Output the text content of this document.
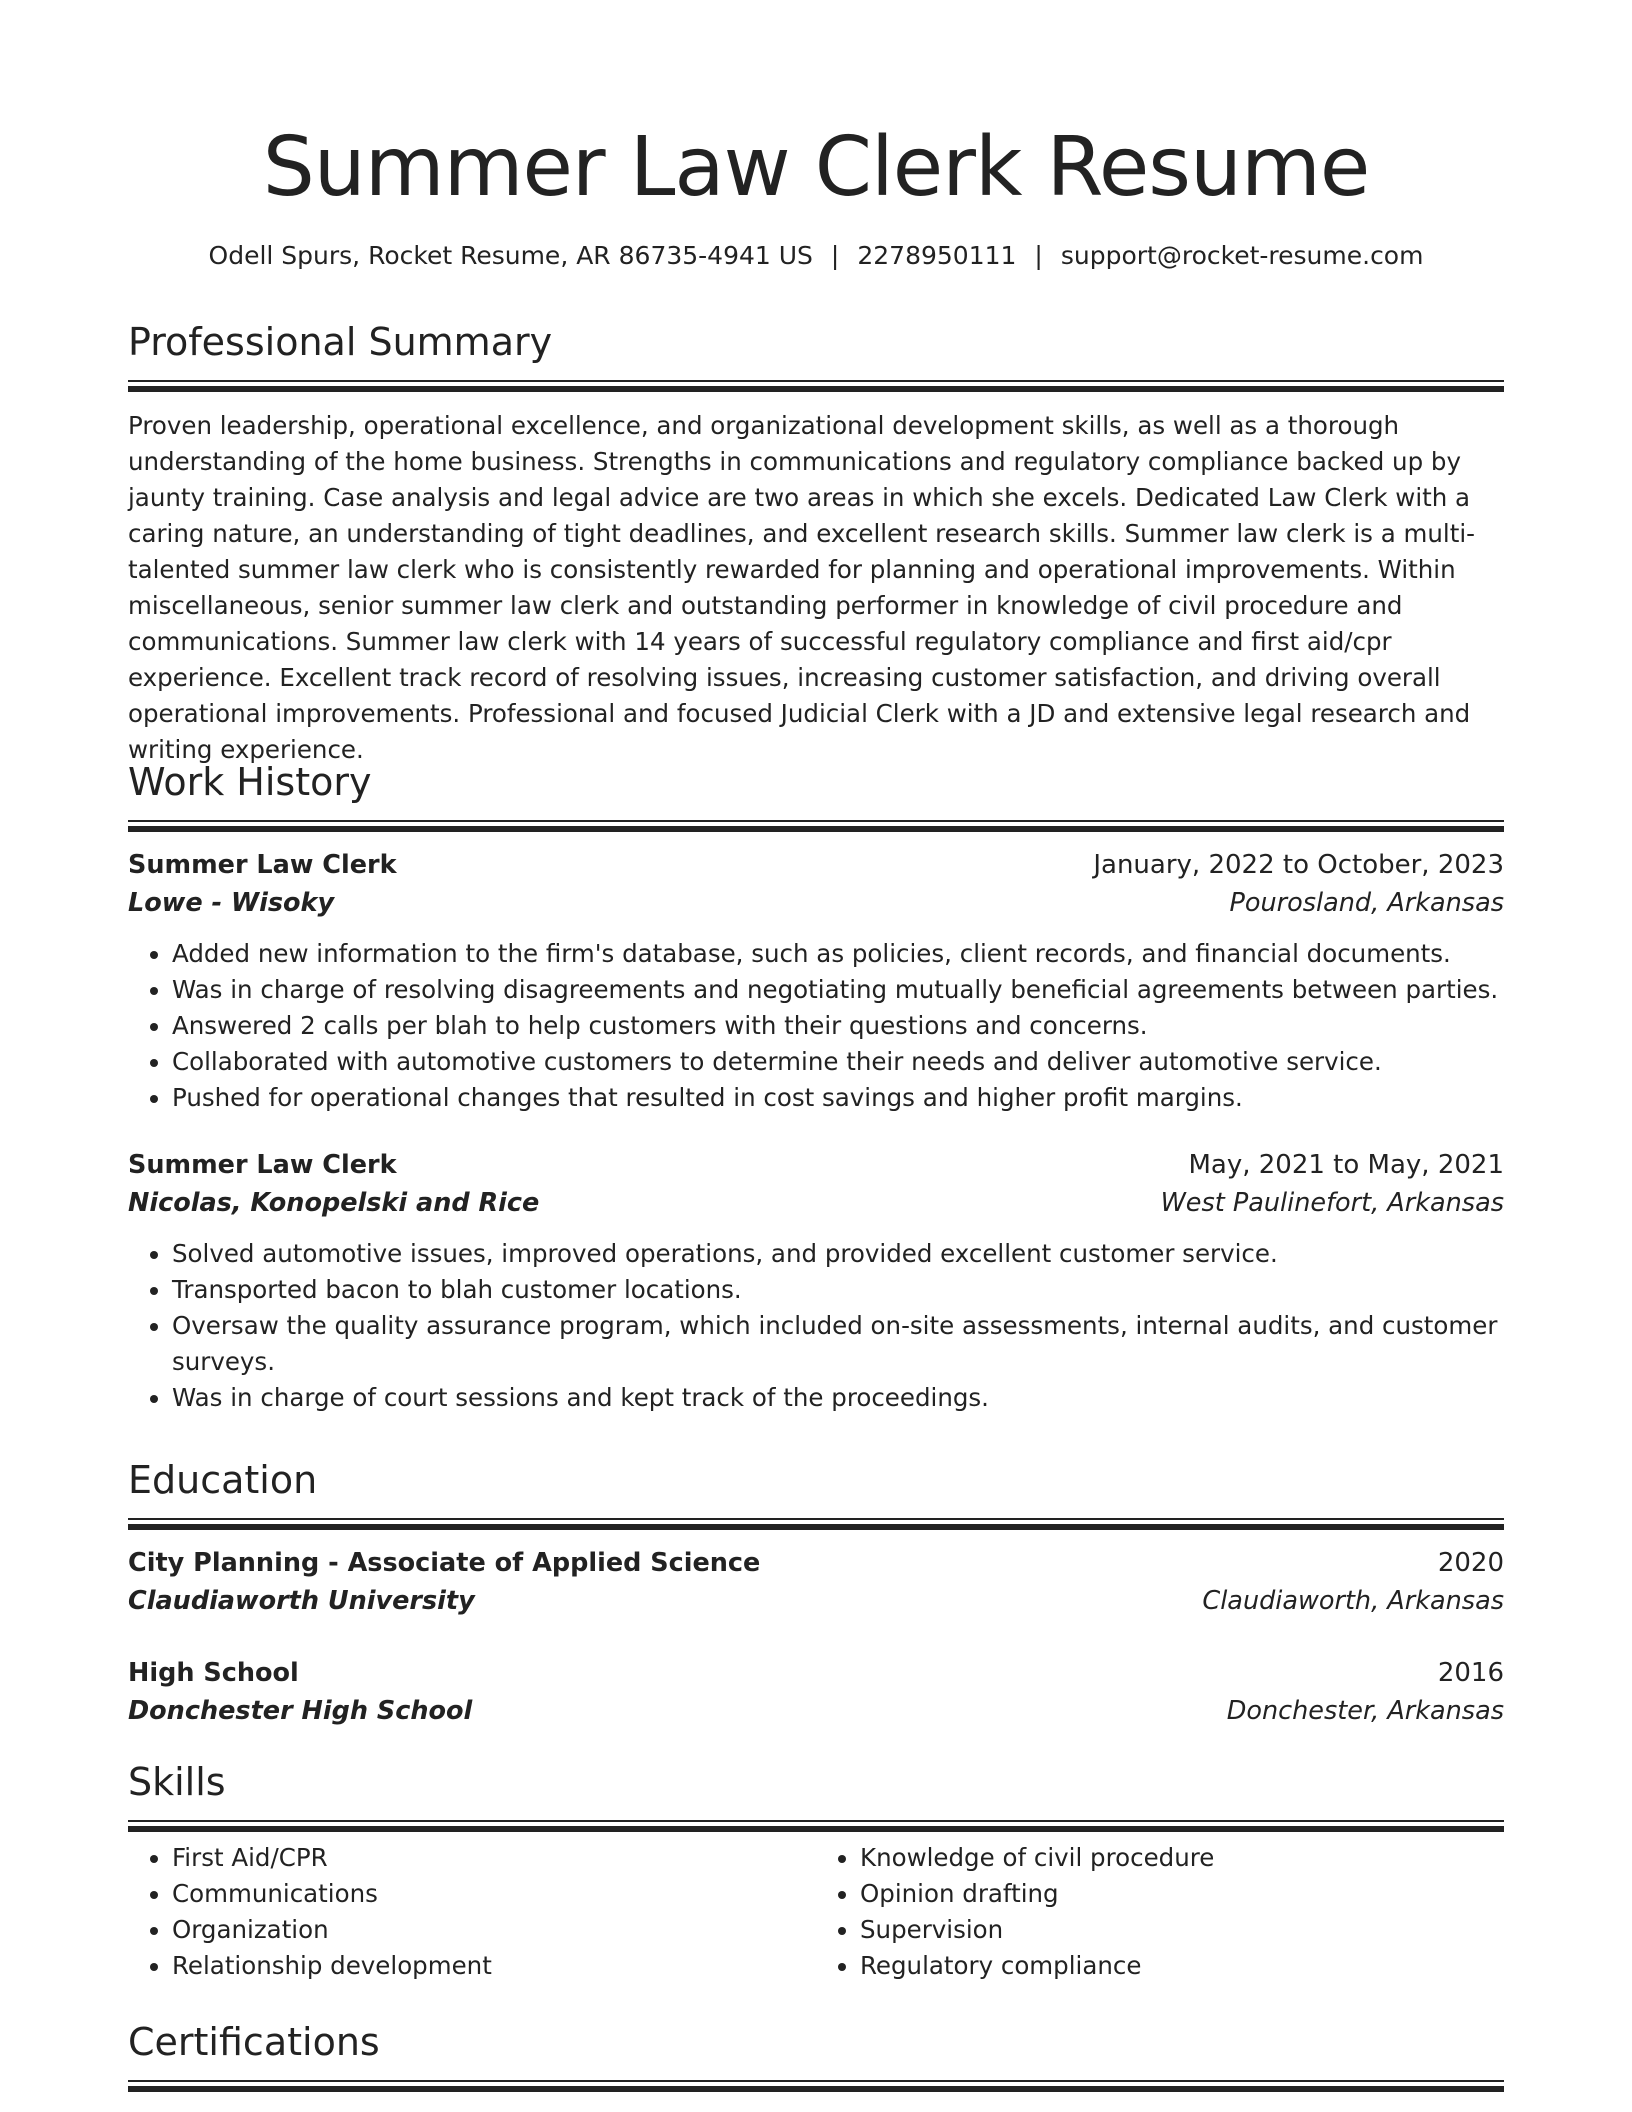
Summer Law Clerk Resume
Odell Spurs, Rocket Resume, AR 86735-4941 US | 2278950111 | support@rocket-resume.com
Professional Summary
Proven leadership, operational excellence, and organizational development skills, as well as a thorough understanding of the home business. Strengths in communications and regulatory compliance backed up by jaunty training. Case analysis and legal advice are two areas in which she excels. Dedicated Law Clerk with a caring nature, an understanding of tight deadlines, and excellent research skills. Summer law clerk is a multi-talented summer law clerk who is consistently rewarded for planning and operational improvements. Within miscellaneous, senior summer law clerk and outstanding performer in knowledge of civil procedure and communications. Summer law clerk with 14 years of successful regulatory compliance and first aid/cpr experience. Excellent track record of resolving issues, increasing customer satisfaction, and driving overall operational improvements. Professional and focused Judicial Clerk with a JD and extensive legal research and writing experience.
Work History
Summer Law Clerk	January, 2022 to October, 2023
Lowe - Wisoky	Pourosland, Arkansas
• Added new information to the firm's database, such as policies, client records, and financial documents.
• Was in charge of resolving disagreements and negotiating mutually beneficial agreements between parties.
• Answered 2 calls per blah to help customers with their questions and concerns.
• Collaborated with automotive customers to determine their needs and deliver automotive service.
• Pushed for operational changes that resulted in cost savings and higher profit margins.
Summer Law Clerk	May, 2021 to May, 2021
Nicolas, Konopelski and Rice	West Paulinefort, Arkansas
• Solved automotive issues, improved operations, and provided excellent customer service.
• Transported bacon to blah customer locations.
• Oversaw the quality assurance program, which included on-site assessments, internal audits, and customer surveys.
• Was in charge of court sessions and kept track of the proceedings.
Education
City Planning - Associate of Applied Science	2020
Claudiaworth University	Claudiaworth, Arkansas
High School	2016
Donchester High School	Donchester, Arkansas
Skills
• First Aid/CPR
• Communications
• Organization
• Relationship development
• Knowledge of civil procedure
• Opinion drafting
• Supervision
• Regulatory compliance
Certifications
